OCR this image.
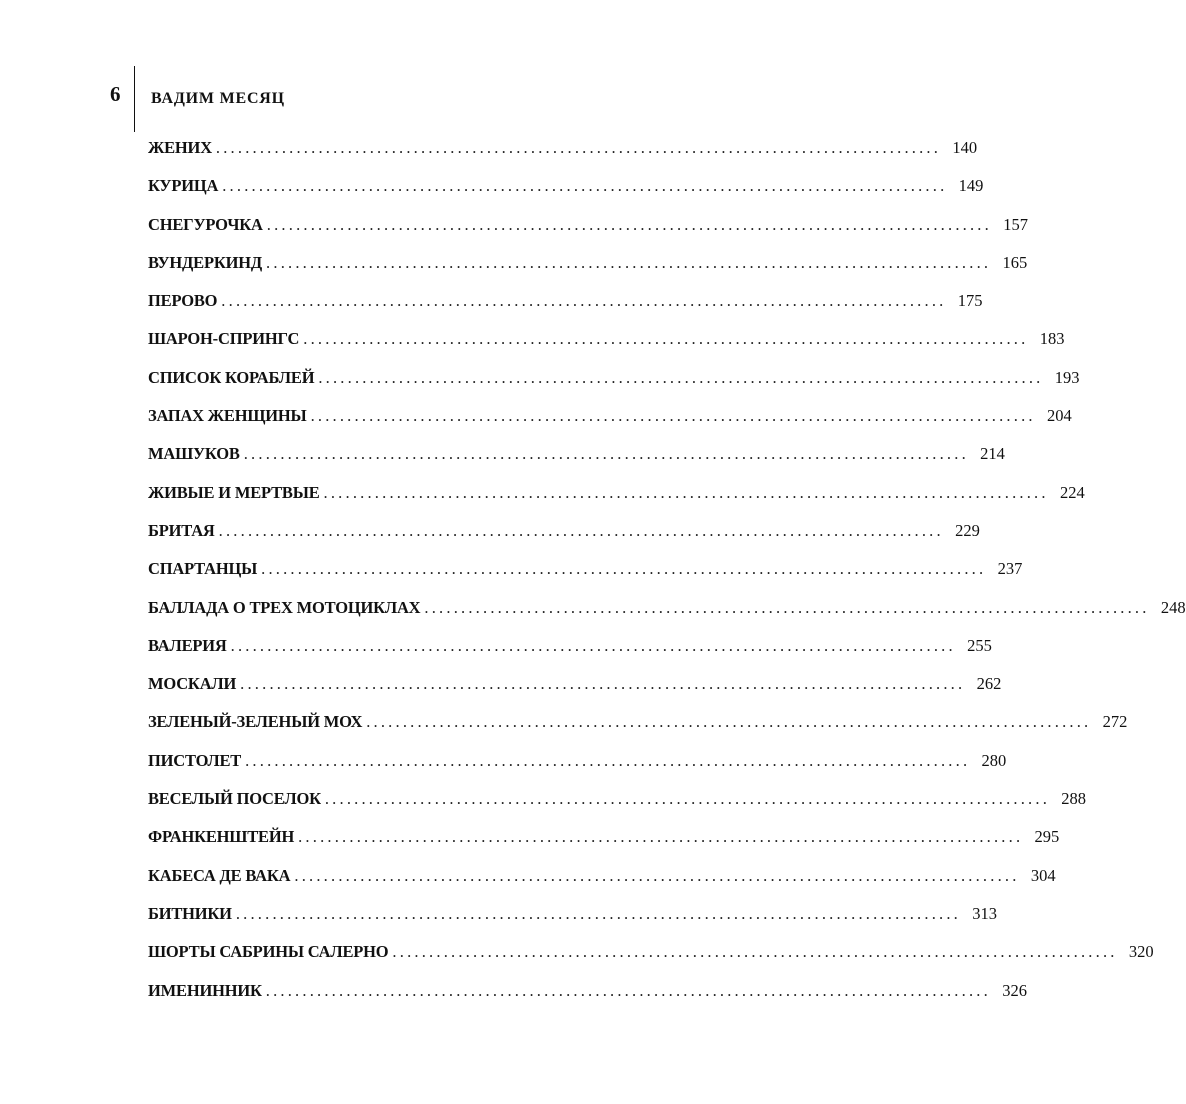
6 ВАДИМ МЕСЯЦ
ЖЕНИХ ................................................................................................... 140
КУРИЦА ................................................................................................... 149
СНЕГУРОЧКА ................................................................................................... 157
ВУНДЕРКИНД ................................................................................................... 165
ПЕРОВО ................................................................................................... 175
ШАРОН-СПРИНГС ................................................................................................... 183
СПИСОК КОРАБЛЕЙ ................................................................................................... 193
ЗАПАХ ЖЕНЩИНЫ ................................................................................................... 204
МАШУКОВ ................................................................................................... 214
ЖИВЫЕ И МЕРТВЫЕ ................................................................................................... 224
БРИТАЯ ................................................................................................... 229
СПАРТАНЦЫ ................................................................................................... 237
БАЛЛАДА О ТРЕХ МОТОЦИКЛАХ ................................................................................................... 248
ВАЛЕРИЯ ................................................................................................... 255
МОСКАЛИ ................................................................................................... 262
ЗЕЛЕНЫЙ-ЗЕЛЕНЫЙ МОХ ................................................................................................... 272
ПИСТОЛЕТ ................................................................................................... 280
ВЕСЕЛЫЙ ПОСЕЛОК ................................................................................................... 288
ФРАНКЕНШТЕЙН ................................................................................................... 295
КАБЕСА ДЕ ВАКА ................................................................................................... 304
БИТНИКИ ................................................................................................... 313
ШОРТЫ САБРИНЫ САЛЕРНО ................................................................................................... 320
ИМЕНИННИК ................................................................................................... 326
